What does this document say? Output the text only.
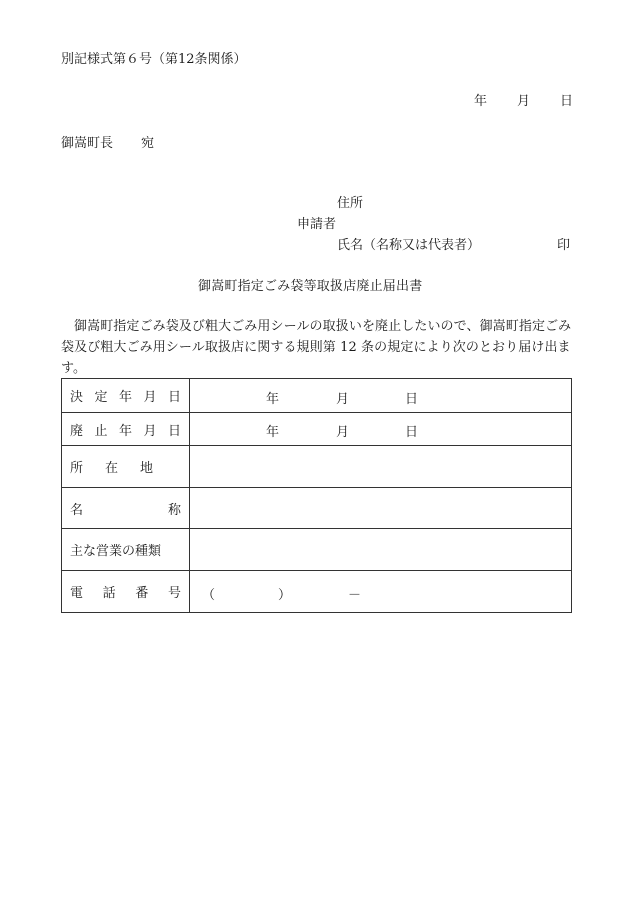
別記様式第６号（第12条関係）
年 月 日
御嵩町長 宛
住所
申請者
氏名（名称又は代表者）	印
御嵩町指定ごみ袋等取扱店廃止届出書
御嵩町指定ごみ袋及び粗大ごみ用シールの取扱いを廃止したいので、御嵩町指定ごみ袋及び粗大ごみ用シール取扱店に関する規則第 12 条の規定により次のとおり届け出ます。
決 定 年 月 日	年 月 日

廃 止 年 月 日	年 月 日

所 在 地	

名 称	

主な営業の種類	

電 話 番 号	（ ） －
